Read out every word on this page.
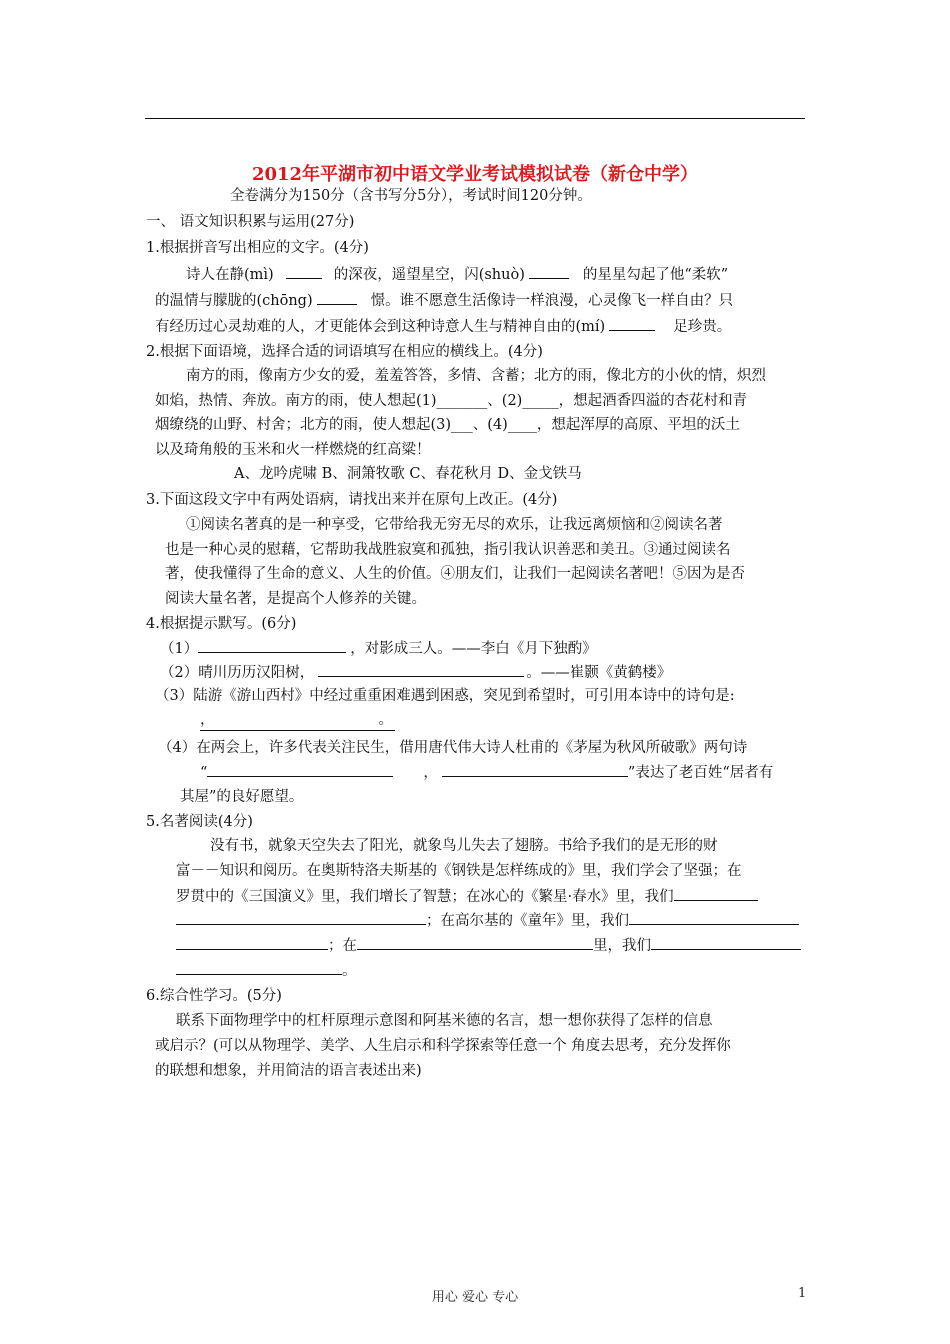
2012年平湖市初中语文学业考试模拟试卷（新仓中学）
全卷满分为150分（含书写分5分），考试时间120分钟。
一、 语文知识积累与运用(27分)
1.根据拼音写出相应的文字。(4分)
诗人在静(mì)	的深夜，遥望星空，闪(shuò)	的星星勾起了他“柔软”
的温情与朦胧的(chōng)	憬。谁不愿意生活像诗一样浪漫，心灵像飞一样自由？只
有经历过心灵劫难的人，才更能体会到这种诗意人生与精神自由的(mí)	足珍贵。
2.根据下面语境，选择合适的词语填写在相应的横线上。(4分)
南方的雨，像南方少女的爱，羞羞答答，多情、含蓄；北方的雨，像北方的小伙的情，炽烈
如焰，热情、奔放。南方的雨，使人想起(1)_______、(2)_____，想起酒香四溢的杏花村和青
烟缭绕的山野、村舍；北方的雨，使人想起(3)___、(4)____，想起浑厚的高原、平坦的沃土
以及琦角般的玉米和火一样燃烧的红高粱！
A、龙吟虎啸 B、洞箫牧歌 C、春花秋月 D、金戈铁马
3.下面这段文字中有两处语病，请找出来并在原句上改正。(4分)
①阅读名著真的是一种享受，它带给我无穷无尽的欢乐，让我远离烦恼和②阅读名著
也是一种心灵的慰藉，它帮助我战胜寂寞和孤独，指引我认识善恶和美丑。③通过阅读名
著，使我懂得了生命的意义、人生的价值。④朋友们，让我们一起阅读名著吧！⑤因为是否
阅读大量名著，是提高个人修养的关键。
4.根据提示默写。(6分)
（1）	，对影成三人。——李白《月下独酌》
（2）晴川历历汉阳树，	。——崔颢《黄鹤楼》
（3）陆游《游山西村》中经过重重困难遇到困惑，突见到希望时，可引用本诗中的诗句是:
，	。
（4）在两会上，许多代表关注民生，借用唐代伟大诗人杜甫的《茅屋为秋风所破歌》两句诗
“	，	”表达了老百姓“居者有
其屋”的良好愿望。
5.名著阅读(4分)
没有书，就象天空失去了阳光，就象鸟儿失去了翅膀。书给予我们的是无形的财
富－－知识和阅历。在奥斯特洛夫斯基的《钢铁是怎样练成的》里，我们学会了坚强；在
罗贯中的《三国演义》里，我们增长了智慧；在冰心的《繁星·春水》里，我们
；在高尔基的《童年》里，我们
；在	里，我们
。
6.综合性学习。(5分)
联系下面物理学中的杠杆原理示意图和阿基米德的名言，想一想你获得了怎样的信息
或启示？(可以从物理学、美学、人生启示和科学探索等任意一个 角度去思考，充分发挥你
的联想和想象，并用简洁的语言表述出来)
用心 爱心 专心	1
